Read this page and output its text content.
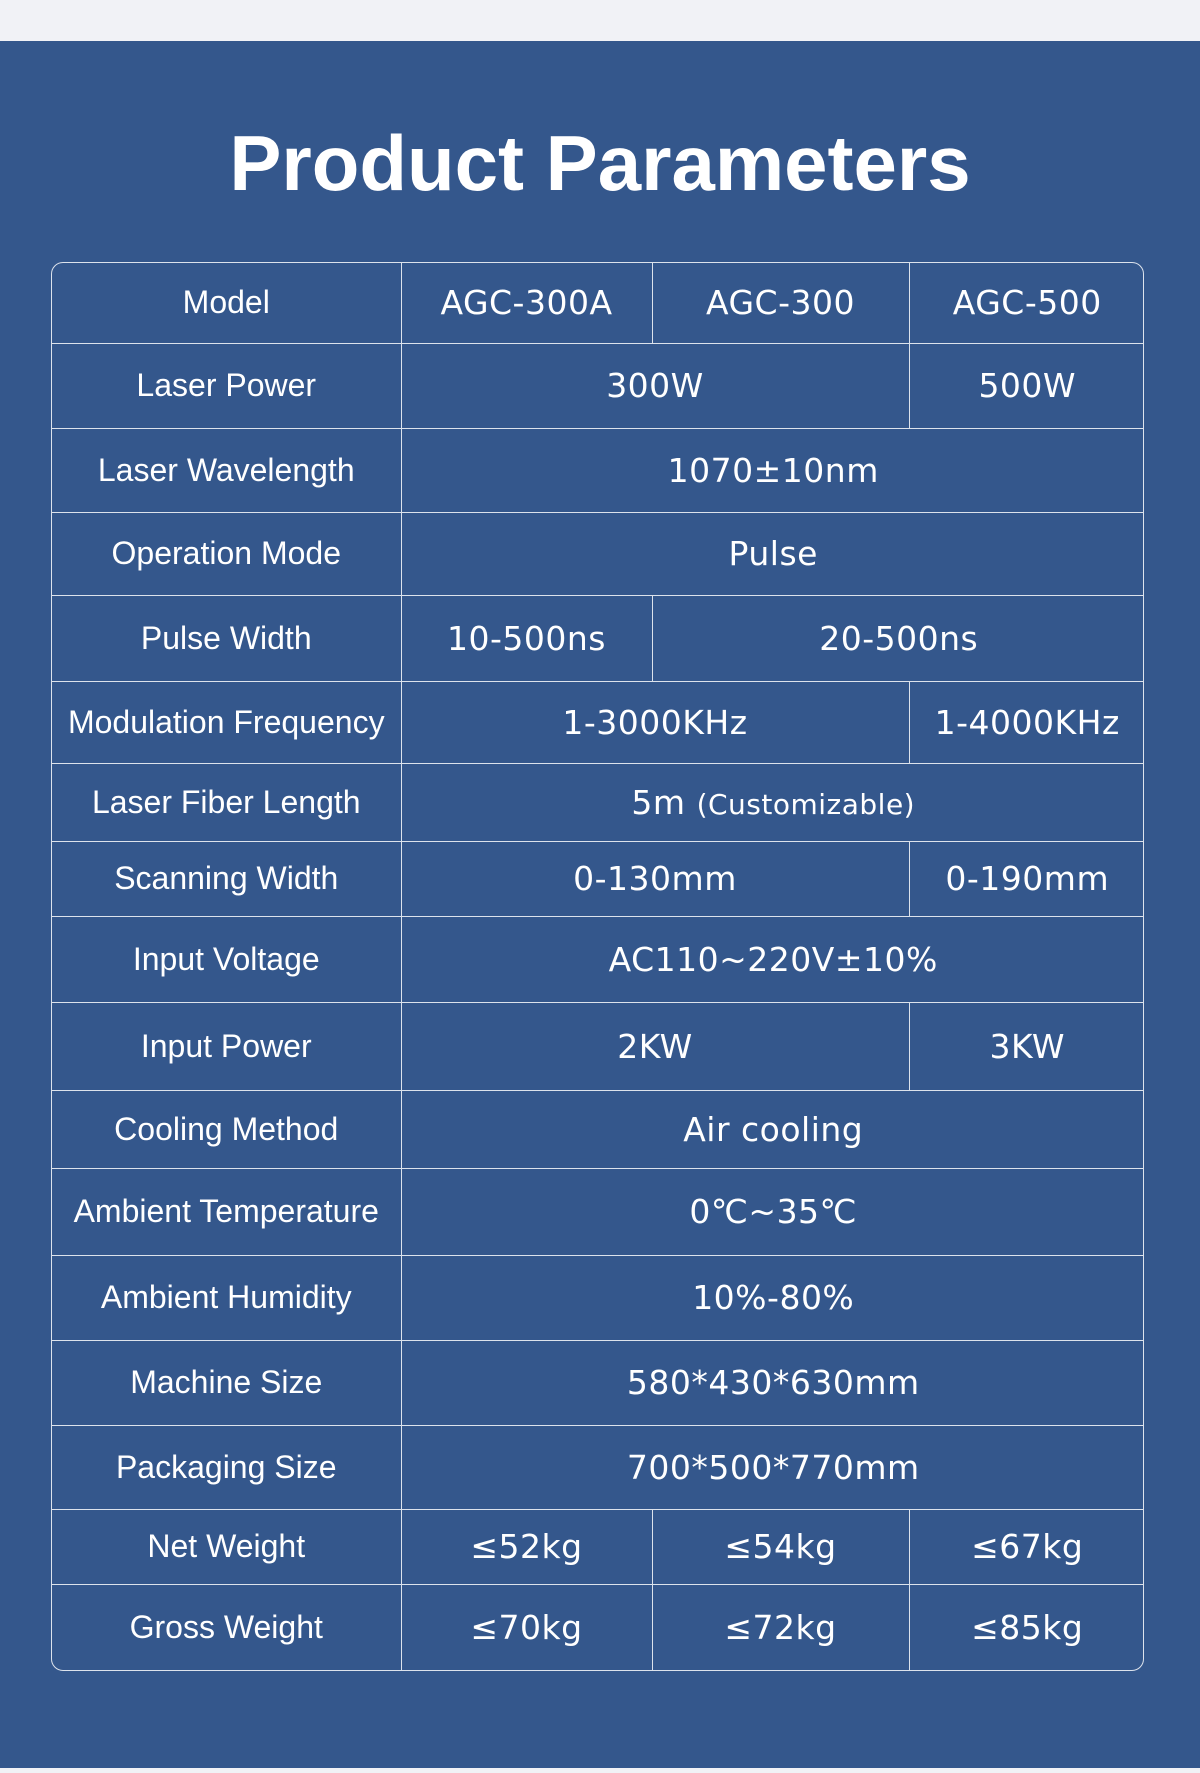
Product Parameters
Model	AGC-300A	AGC-300	AGC-500
Laser Power	300W		500W
Laser Wavelength	1070±10nm		
Operation Mode	Pulse		
Pulse Width	10-500ns	20-500ns	
Modulation Frequency	1-3000KHz		1-4000KHz
Laser Fiber Length	5m (Customizable)		
Scanning Width	0-130mm		0-190mm
Input Voltage	AC110~220V±10%		
Input Power	2KW		3KW
Cooling Method	Air cooling		
Ambient Temperature	0℃~35℃		
Ambient Humidity	10%-80%		
Machine Size	580*430*630mm		
Packaging Size	700*500*770mm		
Net Weight	≤52kg	≤54kg	≤67kg
Gross Weight	≤70kg	≤72kg	≤85kg
